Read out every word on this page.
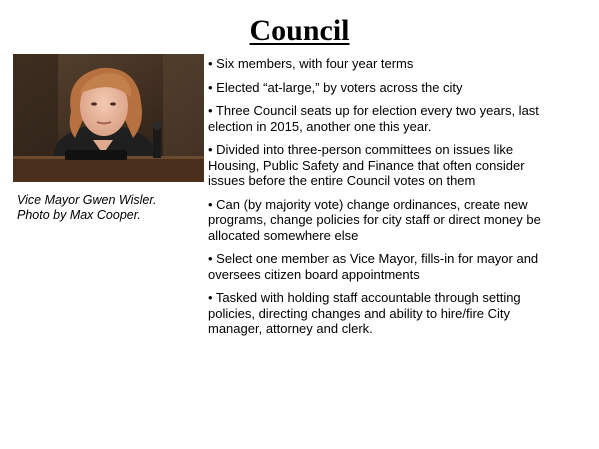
Council
Vice Mayor Gwen Wisler.
Photo by Max Cooper.
• Six members, with four year terms
• Elected “at-large,” by voters across the city
• Three Council seats up for election every two years, last
election in 2015, another one this year.
• Divided into three-person committees on issues like
Housing, Public Safety and Finance that often consider
issues before the entire Council votes on them
• Can (by majority vote) change ordinances, create new
programs, change policies for city staff or direct money be
allocated somewhere else
• Select one member as Vice Mayor, fills-in for mayor and
oversees citizen board appointments
• Tasked with holding staff accountable through setting
policies, directing changes and ability to hire/fire City
manager, attorney and clerk.
